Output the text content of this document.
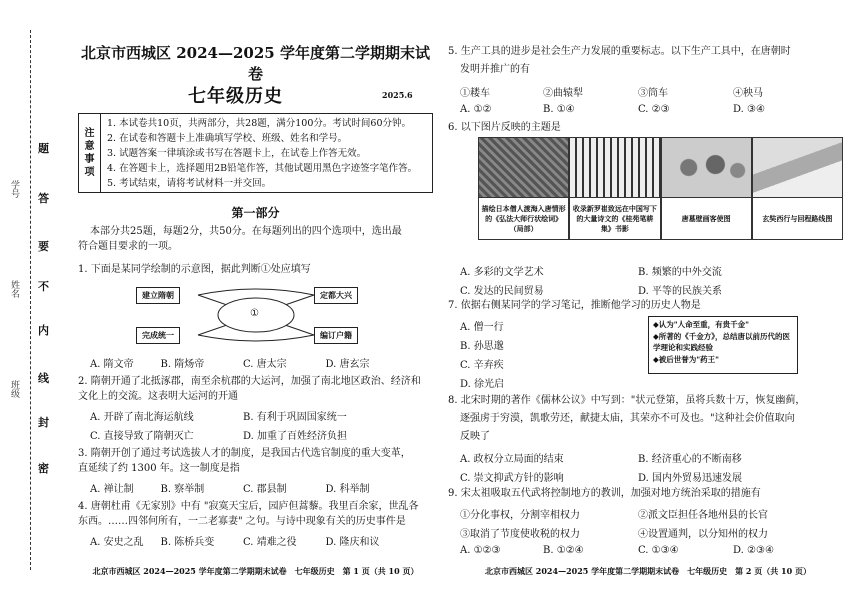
题
答
要
不
内
线
封
密
学号
姓名
班级
北京市西城区 2024—2025 学年度第二学期期末试卷
七年级历史	2025.6
注
意
事
项
1. 本试卷共10页，共两部分，共28题，满分100分。考试时间60分钟。
2. 在试卷和答题卡上准确填写学校、班级、姓名和学号。
3. 试题答案一律填涂或书写在答题卡上，在试卷上作答无效。
4. 在答题卡上，选择题用2B铅笔作答，其他试题用黑色字迹签字笔作答。
5. 考试结束，请将考试材料一并交回。
第一部分
本部分共25题，每题2分，共50分。在每题列出的四个选项中，选出最
符合题目要求的一项。
1. 下面是某同学绘制的示意图，据此判断①处应填写
建立隋朝
完成统一
定都大兴
编订户籍
①
A. 隋文帝	B. 隋炀帝	C. 唐太宗	D. 唐玄宗
2. 隋朝开通了北抵涿郡，南至余杭郡的大运河，加强了南北地区政治、经济和
文化上的交流。这表明大运河的开通
A. 开辟了南北海运航线	B. 有利于巩固国家统一
C. 直接导致了隋朝灭亡	D. 加重了百姓经济负担
3. 隋朝开创了通过考试选拔人才的制度，是我国古代选官制度的重大变革，
直延续了约 1300 年。这一制度是指
A. 禅让制	B. 察举制	C. 郡县制	D. 科举制
4. 唐朝杜甫《无家别》中有 "寂寞天宝后，园庐但蒿藜。我里百余家，世乱各
东西。……四邻何所有，一二老寡妻" 之句。与诗中现象有关的历史事件是
A. 安史之乱	B. 陈桥兵变	C. 靖难之役	D. 隆庆和议
北京市西城区 2024—2025 学年度第二学期期末试卷　七年级历史　第 1 页（共 10 页）
5. 生产工具的进步是社会生产力发展的重要标志。以下生产工具中，在唐朝时
发明并推广的有
①耧车	②曲辕犁	③筒车	④秧马
A. ①②	B. ①④	C. ②③	D. ③④
6. 以下图片反映的主题是
描绘日本僧人渡海入唐情形的《弘法大师行状绘词》（局部）
收录新罗崔致远在中国写下的大量诗文的《桂苑笔耕集》书影
唐墓壁画客使图	玄奘西行与回程路线图
A. 多彩的文学艺术	B. 频繁的中外交流
C. 发达的民间贸易	D. 平等的民族关系
7. 依据右侧某同学的学习笔记，推断他学习的历史人物是
A. 僧一行
B. 孙思邈
C. 辛弃疾
D. 徐光启
◆认为"人命至重，有贵千金"
◆所著的《千金方》，总结唐以前历代的医学理论和实践经验
◆被后世誉为"药王"
8. 北宋时期的著作《儒林公议》中写到："状元登第，虽将兵数十万，恢复幽蓟，
逐强虏于穷漠，凯歌劳还，献捷太庙，其荣亦不可及也。"这种社会价值取向
反映了
A. 政权分立局面的结束	B. 经济重心的不断南移
C. 崇文抑武方针的影响	D. 国内外贸易迅速发展
9. 宋太祖吸取五代武将控制地方的教训，加强对地方统治采取的措施有
①分化事权，分割宰相权力	②派文臣担任各地州县的长官
③取消了节度使收税的权力	④设置通判，以分知州的权力
A. ①②③	B. ①②④	C. ①③④	D. ②③④
北京市西城区 2024—2025 学年度第二学期期末试卷　七年级历史　第 2 页（共 10 页）
